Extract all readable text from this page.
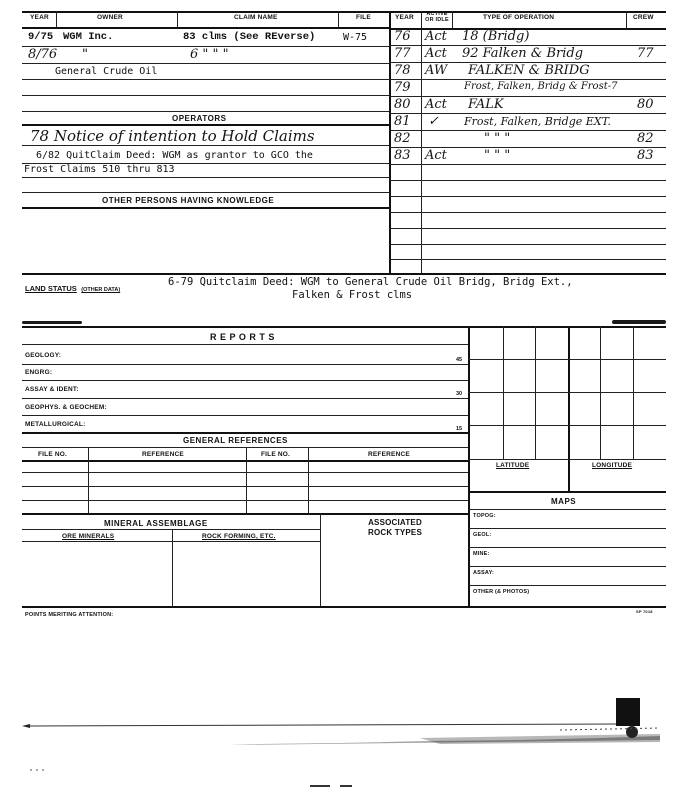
YEAR	OWNER	CLAIM NAME	FILE	YEAR	ACTIVE OR IDLE	TYPE OF OPERATION	CREW
9/75 WGM Inc.	83 clms (See REverse)	W-75
8/76 "	6 " " "
General Crude Oil
OPERATORS
78 Notice of intention to Hold Claims
6/82 QuitClaim Deed: WGM as grantor to GCO the
Frost Claims 510 thru 813
OTHER PERSONS HAVING KNOWLEDGE
76 Act 18 (Bridg)
77 Act 92 Falken & Bridg	77
78 AW FALKEN & BRIDG
79	Frost, Falken, Bridg & Frost-7
80 Act FALK	80
81 ✓ Frost, Falken, Bridge EXT.
82	" " "	82
83 Act	" " "	83
LAND STATUS (OTHER DATA)
6-79 Quitclaim Deed: WGM to General Crude Oil Bridg, Bridg Ext.,
Falken & Frost clms
R E P O R T S
GEOLOGY:
45
ENGRG:
ASSAY & IDENT:
30
GEOPHYS. & GEOCHEM:
METALLURGICAL:
15
GENERAL REFERENCES
FILE NO.	REFERENCE	FILE NO.	REFERENCE
MINERAL ASSEMBLAGE
ORE MINERALS	ROCK FORMING, ETC.
ASSOCIATED ROCK TYPES
LATITUDE	LONGITUDE
MAPS
TOPOG:
GEOL:
MINE:
ASSAY:
OTHER (& PHOTOS)
POINTS MERITING ATTENTION:
SP 7018
